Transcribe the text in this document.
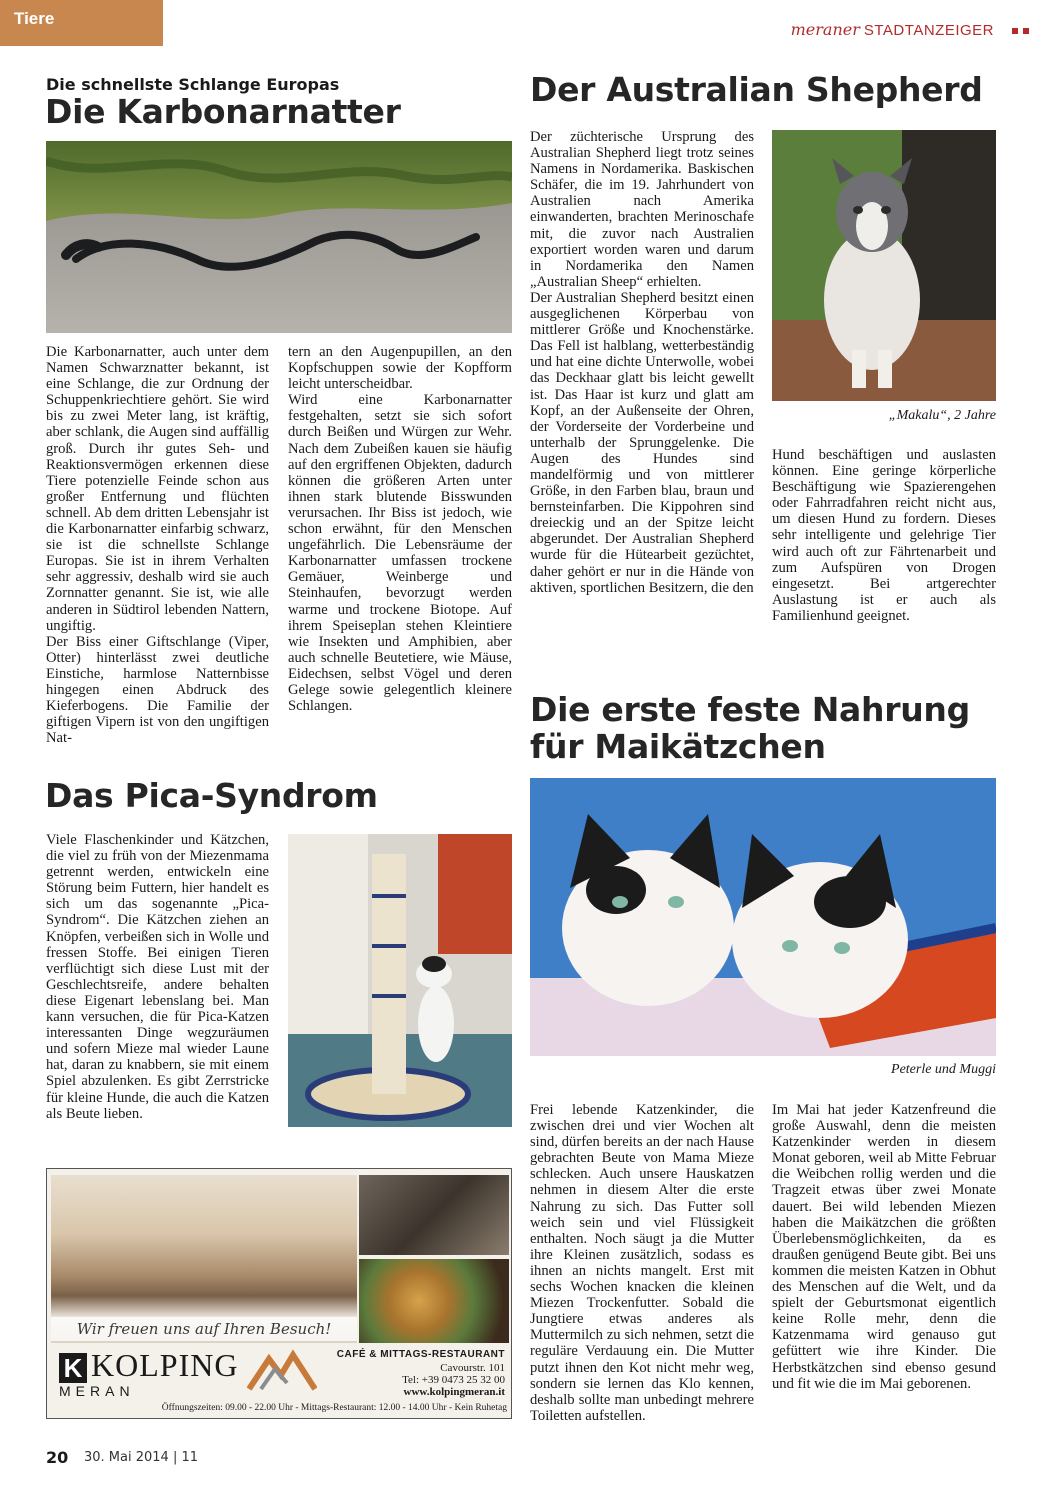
Tiere
meraner STADTANZEIGER
Die schnellste Schlange Europas
Die Karbonarnatter
Die Karbonarnatter, auch unter dem Namen Schwarznatter bekannt, ist eine Schlange, die zur Ordnung der Schuppenkriechtiere gehört. Sie wird bis zu zwei Meter lang, ist kräftig, aber schlank, die Augen sind auffällig groß. Durch ihr gutes Seh- und Reaktionsvermögen erkennen diese Tiere potenzielle Feinde schon aus großer Entfernung und flüchten schnell. Ab dem dritten Lebensjahr ist die Karbonarnatter einfarbig schwarz, sie ist die schnellste Schlange Europas. Sie ist in ihrem Verhalten sehr aggressiv, deshalb wird sie auch Zornnatter genannt. Sie ist, wie alle anderen in Südtirol lebenden Nattern, ungiftig.
Der Biss einer Giftschlange (Viper, Otter) hinterlässt zwei deutliche Einstiche, harmlose Natternbisse hingegen einen Abdruck des Kieferbogens. Die Familie der giftigen Vipern ist von den ungiftigen Nat-
tern an den Augenpupillen, an den Kopfschuppen sowie der Kopfform leicht unterscheidbar.
Wird eine Karbonarnatter festgehalten, setzt sie sich sofort durch Beißen und Würgen zur Wehr. Nach dem Zubeißen kauen sie häufig auf den ergriffenen Objekten, dadurch können die größeren Arten unter ihnen stark blutende Bisswunden verursachen. Ihr Biss ist jedoch, wie schon erwähnt, für den Menschen ungefährlich. Die Lebensräume der Karbonarnatter umfassen trockene Gemäuer, Weinberge und Steinhaufen, bevorzugt werden warme und trockene Biotope. Auf ihrem Speiseplan stehen Kleintiere wie Insekten und Amphibien, aber auch schnelle Beutetiere, wie Mäuse, Eidechsen, selbst Vögel und deren Gelege sowie gelegentlich kleinere Schlangen.
Der Australian Shepherd
Der züchterische Ursprung des Australian Shepherd liegt trotz seines Namens in Nordamerika. Baskischen Schäfer, die im 19. Jahrhundert von Australien nach Amerika einwanderten, brachten Merinoschafe mit, die zuvor nach Australien exportiert worden waren und darum in Nordamerika den Namen „Australian Sheep“ erhielten.
Der Australian Shepherd besitzt einen ausgeglichenen Körperbau von mittlerer Größe und Knochenstärke. Das Fell ist halblang, wetterbeständig und hat eine dichte Unterwolle, wobei das Deckhaar glatt bis leicht gewellt ist. Das Haar ist kurz und glatt am Kopf, an der Außenseite der Ohren, der Vorderseite der Vorderbeine und unterhalb der Sprunggelenke. Die Augen des Hundes sind mandelförmig und von mittlerer Größe, in den Farben blau, braun und bernsteinfarben. Die Kippohren sind dreieckig und an der Spitze leicht abgerundet. Der Australian Shepherd wurde für die Hütearbeit gezüchtet, daher gehört er nur in die Hände von aktiven, sportlichen Besitzern, die den
„Makalu“, 2 Jahre
Hund beschäftigen und auslasten können. Eine geringe körperliche Beschäftigung wie Spazierengehen oder Fahrradfahren reicht nicht aus, um diesen Hund zu fordern. Dieses sehr intelligente und gelehrige Tier wird auch oft zur Fährtenarbeit und zum Aufspüren von Drogen eingesetzt. Bei artgerechter Auslastung ist er auch als Familienhund geeignet.
Das Pica-Syndrom
Viele Flaschenkinder und Kätzchen, die viel zu früh von der Miezenmama getrennt werden, entwickeln eine Störung beim Futtern, hier handelt es sich um das sogenannte „Pica-Syndrom“. Die Kätzchen ziehen an Knöpfen, verbeißen sich in Wolle und fressen Stoffe. Bei einigen Tieren verflüchtigt sich diese Lust mit der Geschlechtsreife, andere behalten diese Eigenart lebenslang bei. Man kann versuchen, die für Pica-Katzen interessanten Dinge wegzuräumen und sofern Mieze mal wieder Laune hat, daran zu knabbern, sie mit einem Spiel abzulenken. Es gibt Zerrstricke für kleine Hunde, die auch die Katzen als Beute lieben.
Wir freuen uns auf Ihren Besuch!
K KOLPING
MERAN
CAFÉ & MITTAGS-RESTAURANT
Cavourstr. 101
Tel: +39 0473 25 32 00
www.kolpingmeran.it
Öffnungszeiten: 09.00 - 22.00 Uhr - Mittags-Restaurant: 12.00 - 14.00 Uhr - Kein Ruhetag
Die erste feste Nahrung
für Maikätzchen
Peterle und Muggi
Frei lebende Katzenkinder, die zwischen drei und vier Wochen alt sind, dürfen bereits an der nach Hause gebrachten Beute von Mama Mieze schlecken. Auch unsere Hauskatzen nehmen in diesem Alter die erste Nahrung zu sich. Das Futter soll weich sein und viel Flüssigkeit enthalten. Noch säugt ja die Mutter ihre Kleinen zusätzlich, sodass es ihnen an nichts mangelt. Erst mit sechs Wochen knacken die kleinen Miezen Trockenfutter. Sobald die Jungtiere etwas anderes als Muttermilch zu sich nehmen, setzt die reguläre Verdauung ein. Die Mutter putzt ihnen den Kot nicht mehr weg, sondern sie lernen das Klo kennen, deshalb sollte man unbedingt mehrere Toiletten aufstellen.
Im Mai hat jeder Katzenfreund die große Auswahl, denn die meisten Katzenkinder werden in diesem Monat geboren, weil ab Mitte Februar die Weibchen rollig werden und die Tragzeit etwas über zwei Monate dauert. Bei wild lebenden Miezen haben die Maikätzchen die größten Überlebensmöglichkeiten, da es draußen genügend Beute gibt. Bei uns kommen die meisten Katzen in Obhut des Menschen auf die Welt, und da spielt der Geburtsmonat eigentlich keine Rolle mehr, denn die Katzenmama wird genauso gut gefüttert wie ihre Kinder. Die Herbstkätzchen sind ebenso gesund und fit wie die im Mai geborenen.
20 30. Mai 2014 | 11
